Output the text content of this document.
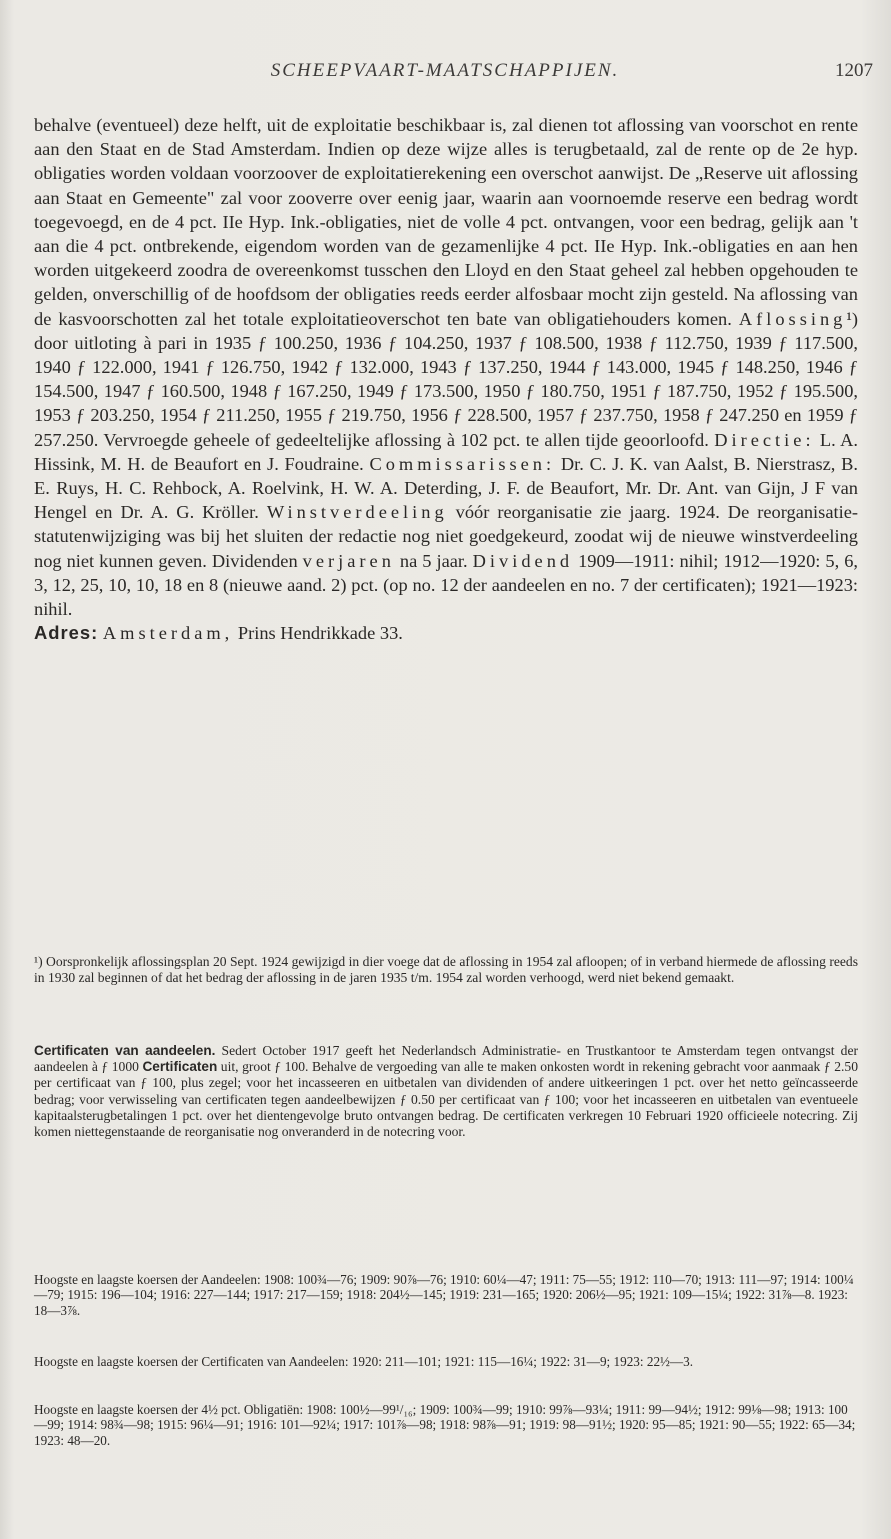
SCHEEPVAART-MAATSCHAPPIJEN.	1207

behalve (eventueel) deze helft, uit de exploitatie beschikbaar is, zal dienen tot aflossing van voorschot en rente aan den Staat en de Stad Amsterdam. Indien op deze wijze alles is terugbetaald, zal de rente op de 2e hyp. obligaties worden voldaan voorzoover de exploitatierekening een overschot aanwijst. De „Reserve uit aflossing aan Staat en Gemeente" zal voor zooverre over eenig jaar, waarin aan voornoemde reserve een bedrag wordt toegevoegd, en de 4 pct. IIe Hyp. Ink.-obligaties, niet de volle 4 pct. ontvangen, voor een bedrag, gelijk aan 't aan die 4 pct. ontbrekende, eigendom worden van de gezamenlijke 4 pct. IIe Hyp. Ink.-obligaties en aan hen worden uitgekeerd zoodra de overeenkomst tusschen den Lloyd en den Staat geheel zal hebben opgehouden te gelden, onverschillig of de hoofdsom der obligaties reeds eerder alfosbaar mocht zijn gesteld. Na aflossing van de kasvoorschotten zal het totale exploitatieoverschot ten bate van obligatiehouders komen. Aflossing¹) door uitloting à pari in 1935 ƒ 100.250, 1936 ƒ 104.250, 1937 ƒ 108.500, 1938 ƒ 112.750, 1939 ƒ 117.500, 1940 ƒ 122.000, 1941 ƒ 126.750, 1942 ƒ 132.000, 1943 ƒ 137.250, 1944 ƒ 143.000, 1945 ƒ 148.250, 1946 ƒ 154.500, 1947 ƒ 160.500, 1948 ƒ 167.250, 1949 ƒ 173.500, 1950 ƒ 180.750, 1951 ƒ 187.750, 1952 ƒ 195.500, 1953 ƒ 203.250, 1954 ƒ 211.250, 1955 ƒ 219.750, 1956 ƒ 228.500, 1957 ƒ 237.750, 1958 ƒ 247.250 en 1959 ƒ 257.250. Vervroegde geheele of gedeeltelijke aflossing à 102 pct. te allen tijde geoorloofd. Directie: L. A. Hissink, M. H. de Beaufort en J. Foudraine. Commissarissen: Dr. C. J. K. van Aalst, B. Nierstrasz, B. E. Ruys, H. C. Rehbock, A. Roelvink, H. W. A. Deterding, J. F. de Beaufort, Mr. Dr. Ant. van Gijn, J F van Hengel en Dr. A. G. Kröller. Winstverdeeling vóór reorganisatie zie jaarg. 1924. De reorganisatie-statutenwijziging was bij het sluiten der redactie nog niet goedgekeurd, zoodat wij de nieuwe winstverdeeling nog niet kunnen geven. Dividenden verjaren na 5 jaar. Dividend 1909—1911: nihil; 1912—1920: 5, 6, 3, 12, 25, 10, 10, 18 en 8 (nieuwe aand. 2) pct. (op no. 12 der aandeelen en no. 7 der certificaten); 1921—1923: nihil.

Adres: Amsterdam, Prins Hendrikkade 33.

¹) Oorspronkelijk aflossingsplan 20 Sept. 1924 gewijzigd in dier voege dat de aflossing in 1954 zal afloopen; of in verband hiermede de aflossing reeds in 1930 zal beginnen of dat het bedrag der aflossing in de jaren 1935 t/m. 1954 zal worden verhoogd, werd niet bekend gemaakt.
Certificaten van aandeelen. Sedert October 1917 geeft het Nederlandsch Administratie- en Trustkantoor te Amsterdam tegen ontvangst der aandeelen à ƒ 1000 Certificaten uit, groot ƒ 100. Behalve de vergoeding van alle te maken onkosten wordt in rekening gebracht voor aanmaak ƒ 2.50 per certificaat van ƒ 100, plus zegel; voor het incasseeren en uitbetalen van dividenden of andere uitkeeringen 1 pct. over het netto geïncasseerde bedrag; voor verwisseling van certificaten tegen aandeelbewijzen ƒ 0.50 per certificaat van ƒ 100; voor het incasseeren en uitbetalen van eventueele kapitaalsterugbetalingen 1 pct. over het dientengevolge bruto ontvangen bedrag. De certificaten verkregen 10 Februari 1920 officieele notecring. Zij komen niettegenstaande de reorganisatie nog onveranderd in de notecring voor.
Hoogste en laagste koersen der Aandeelen: 1908: 100¾—76; 1909: 90⅞—76; 1910: 60¼—47; 1911: 75—55; 1912: 110—70; 1913: 111—97; 1914: 100¼—79; 1915: 196—104; 1916: 227—144; 1917: 217—159; 1918: 204½—145; 1919: 231—165; 1920: 206½—95; 1921: 109—15¼; 1922: 31⅞—8. 1923: 18—3⅞.
Hoogste en laagste koersen der Certificaten van Aandeelen: 1920: 211—101; 1921: 115—16¼; 1922: 31—9; 1923: 22½—3.
Hoogste en laagste koersen der 4½ pct. Obligatiën: 1908: 100½—99¹/₁₆; 1909: 100¾—99; 1910: 99⅞—93¼; 1911: 99—94½; 1912: 99⅛—98; 1913: 100—99; 1914: 98¾—98; 1915: 96¼—91; 1916: 101—92¼; 1917: 101⅞—98; 1918: 98⅞—91; 1919: 98—91½; 1920: 95—85; 1921: 90—55; 1922: 65—34; 1923: 48—20.
